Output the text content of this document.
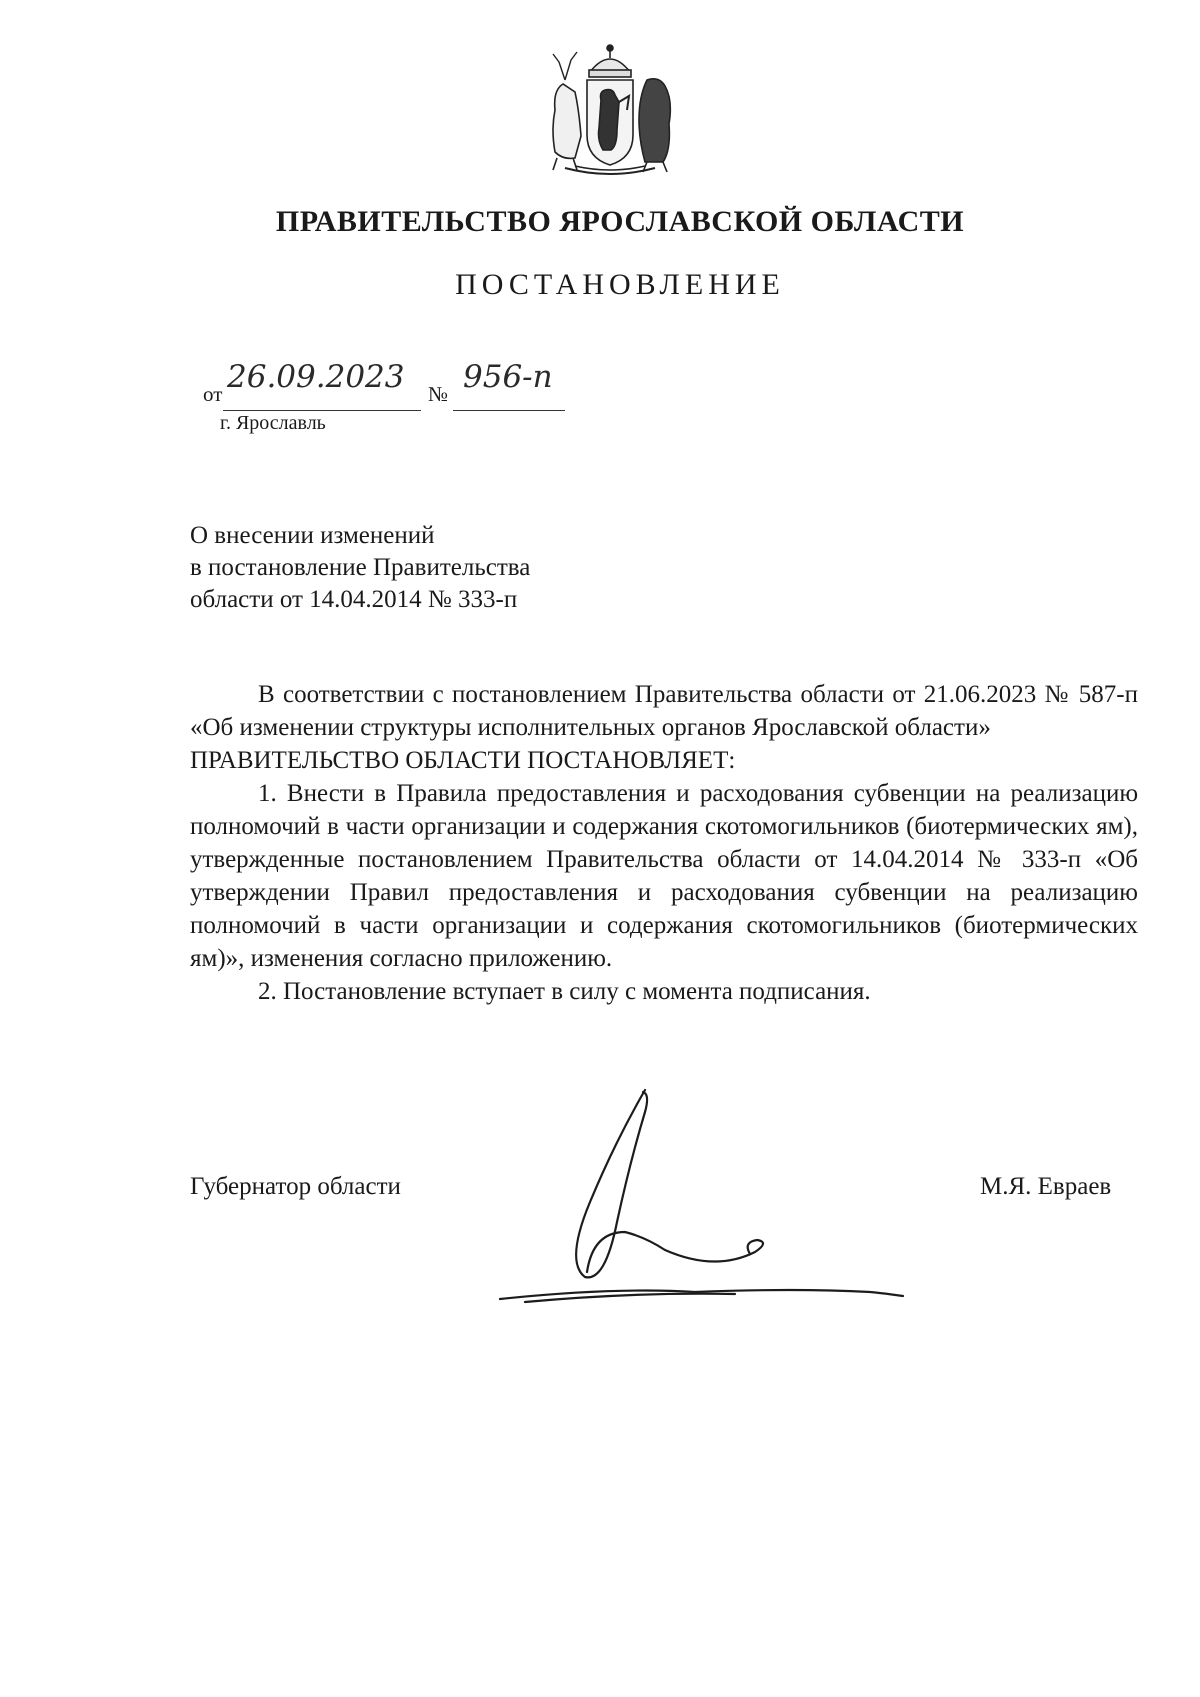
ПРАВИТЕЛЬСТВО ЯРОСЛАВСКОЙ ОБЛАСТИ
ПОСТАНОВЛЕНИЕ
от 26.09.2023 № 956-п
г. Ярославль
О внесении изменений
в постановление Правительства
области от 14.04.2014 № 333-п

В соответствии с постановлением Правительства области от 21.06.2023 № 587-п «Об изменении структуры исполнительных органов Ярославской области»

ПРАВИТЕЛЬСТВО ОБЛАСТИ ПОСТАНОВЛЯЕТ:

1. Внести в Правила предоставления и расходования субвенции на реализацию полномочий в части организации и содержания скотомогильников (биотермических ям), утвержденные постановлением Правительства области от 14.04.2014 № 333-п «Об утверждении Правил предоставления и расходования субвенции на реализацию полномочий в части организации и содержания скотомогильников (биотермических ям)», изменения согласно приложению.

2. Постановление вступает в силу с момента подписания.

Губернатор области	М.Я. Евраев
